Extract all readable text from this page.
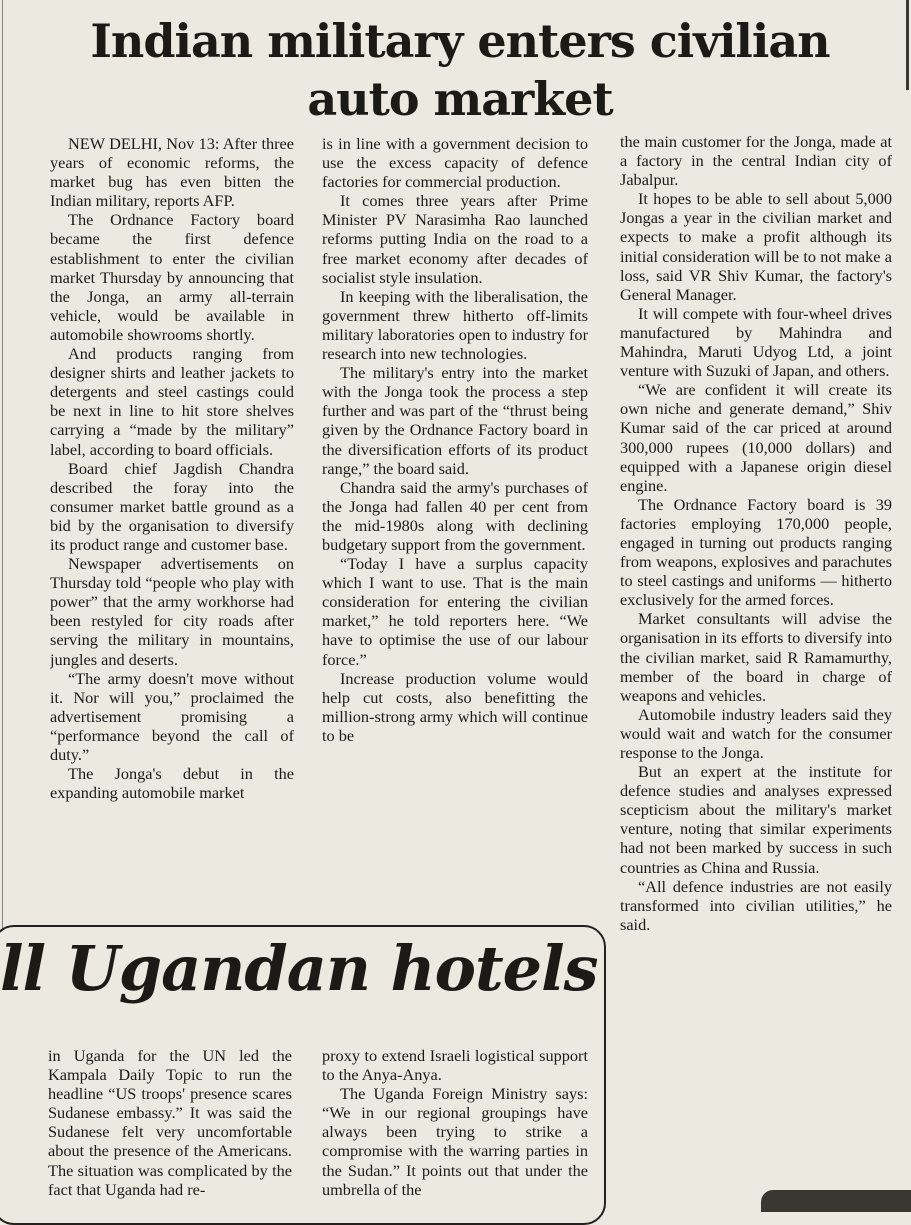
Indian military enters civilian auto market

NEW DELHI, Nov 13: After three years of economic reforms, the market bug has even bitten the Indian military, reports AFP.

The Ordnance Factory board became the first defence establishment to enter the civilian market Thursday by announcing that the Jonga, an army all-terrain vehicle, would be available in automobile showrooms shortly.

And products ranging from designer shirts and leather jackets to detergents and steel castings could be next in line to hit store shelves carrying a “made by the military” label, according to board officials.

Board chief Jagdish Chandra described the foray into the consumer market battle ground as a bid by the organisation to diversify its product range and customer base.

Newspaper advertisements on Thursday told “people who play with power” that the army workhorse had been restyled for city roads after serving the military in mountains, jungles and deserts.

“The army doesn't move without it. Nor will you,” proclaimed the advertisement promising a “performance beyond the call of duty.”

The Jonga's debut in the expanding automobile market

is in line with a government decision to use the excess capacity of defence factories for commercial production.

It comes three years after Prime Minister PV Narasimha Rao launched reforms putting India on the road to a free market economy after decades of socialist style insulation.

In keeping with the liberalisation, the government threw hitherto off-limits military laboratories open to industry for research into new technologies.

The military's entry into the market with the Jonga took the process a step further and was part of the “thrust being given by the Ordnance Factory board in the diversification efforts of its product range,” the board said.

Chandra said the army's purchases of the Jonga had fallen 40 per cent from the mid-1980s along with declining budgetary support from the government.

“Today I have a surplus capacity which I want to use. That is the main consideration for entering the civilian market,” he told reporters here. “We have to optimise the use of our labour force.”

Increase production volume would help cut costs, also benefitting the million-strong army which will continue to be

the main customer for the Jonga, made at a factory in the central Indian city of Jabalpur.

It hopes to be able to sell about 5,000 Jongas a year in the civilian market and expects to make a profit although its initial consideration will be to not make a loss, said VR Shiv Kumar, the factory's General Manager.

It will compete with four-wheel drives manufactured by Mahindra and Mahindra, Maruti Udyog Ltd, a joint venture with Suzuki of Japan, and others.

“We are confident it will create its own niche and generate demand,” Shiv Kumar said of the car priced at around 300,000 rupees (10,000 dollars) and equipped with a Japanese origin diesel engine.

The Ordnance Factory board is 39 factories employing 170,000 people, engaged in turning out products ranging from weapons, explosives and parachutes to steel castings and uniforms — hitherto exclusively for the armed forces.

Market consultants will advise the organisation in its efforts to diversify into the civilian market, said R Ramamurthy, member of the board in charge of weapons and vehicles.

Automobile industry leaders said they would wait and watch for the consumer response to the Jonga.

But an expert at the institute for defence studies and analyses expressed scepticism about the military's market venture, noting that similar experiments had not been marked by success in such countries as China and Russia.

“All defence industries are not easily transformed into civilian utilities,” he said.

ll Ugandan hotels

in Uganda for the UN led the Kampala Daily Topic to run the headline “US troops' presence scares Sudanese embassy.” It was said the Sudanese felt very uncomfortable about the presence of the Americans. The situation was complicated by the fact that Uganda had re-

proxy to extend Israeli logistical support to the Anya-Anya.

The Uganda Foreign Ministry says: “We in our regional groupings have always been trying to strike a compromise with the warring parties in the Sudan.” It points out that under the umbrella of the
